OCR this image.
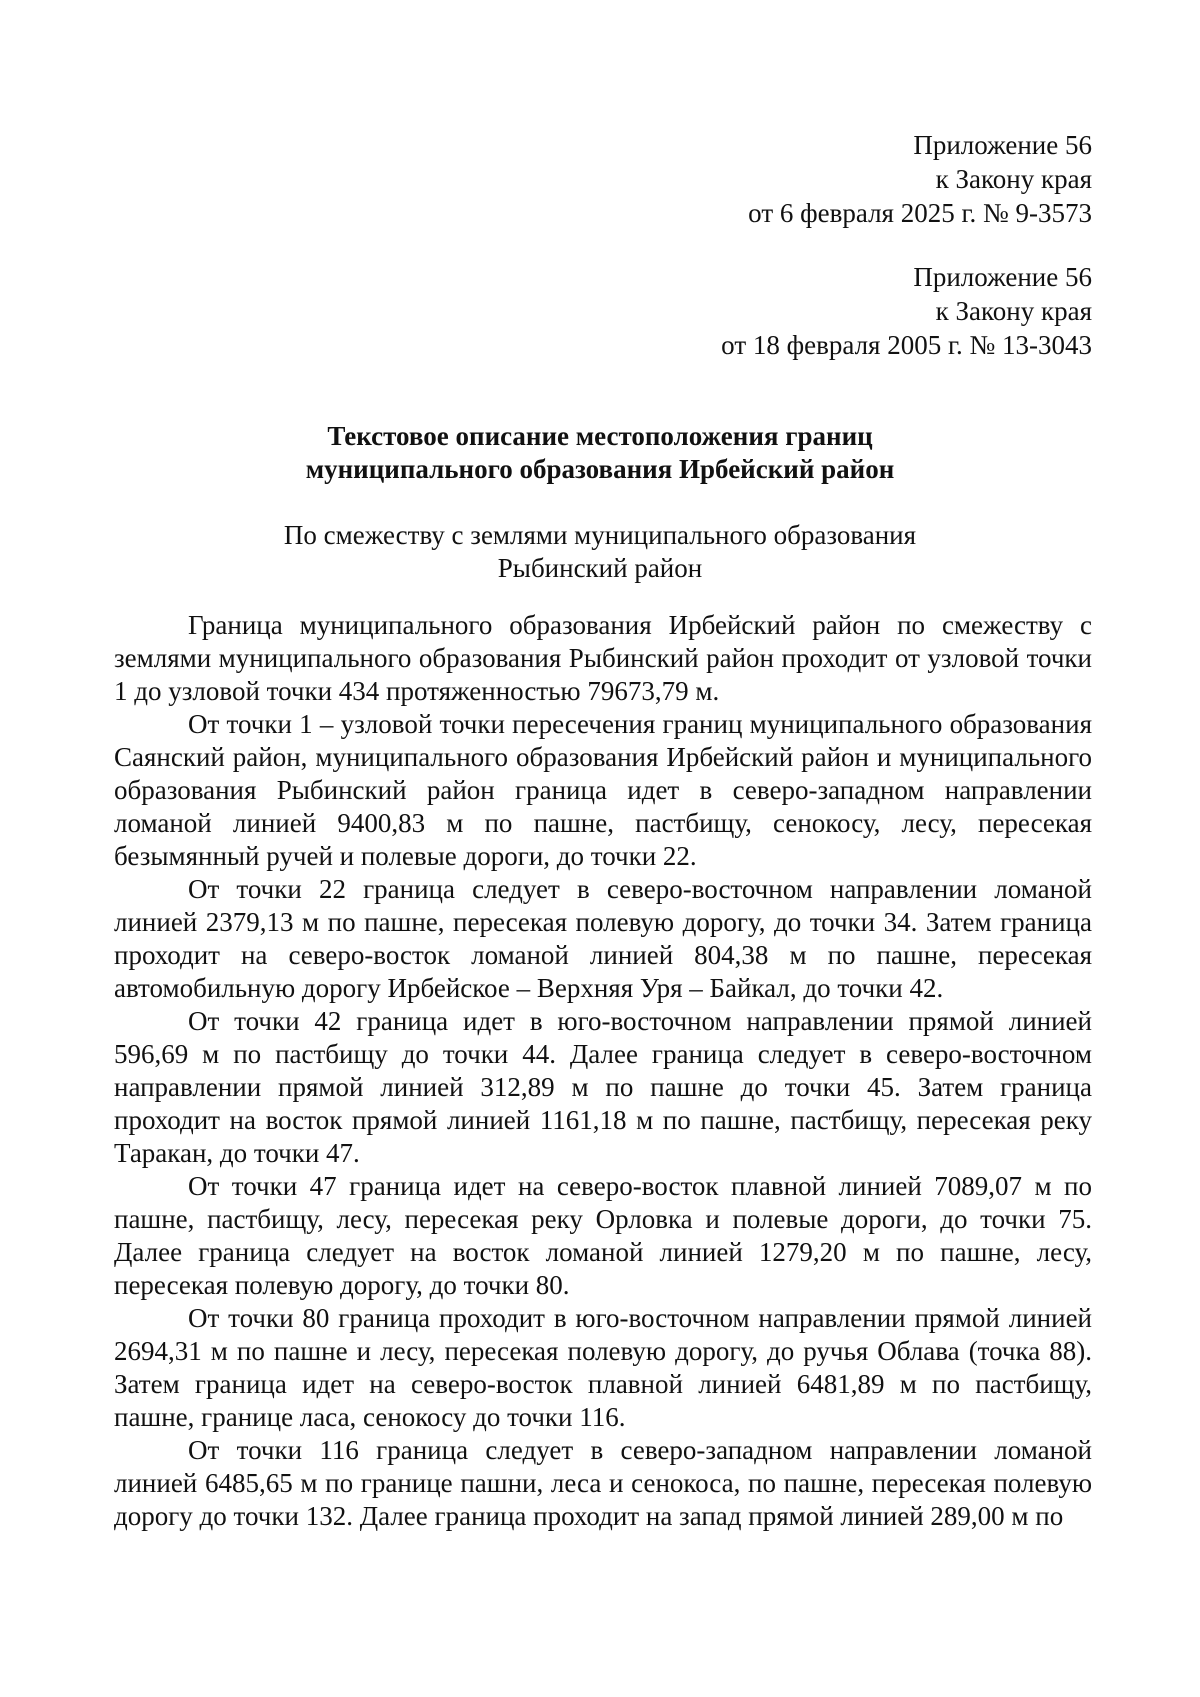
Приложение 56
к Закону края
от 6 февраля 2025 г. № 9-3573
Приложение 56
к Закону края
от 18 февраля 2005 г. № 13-3043
Текстовое описание местоположения границ
муниципального образования Ирбейский район
По смежеству с землями муниципального образования
Рыбинский район

Граница муниципального образования Ирбейский район по смежеству с землями муниципального образования Рыбинский район проходит от узловой точки 1 до узловой точки 434 протяженностью 79673,79 м.

От точки 1 – узловой точки пересечения границ муниципального образования Саянский район, муниципального образования Ирбейский район и муниципального образования Рыбинский район граница идет в северо-западном направлении ломаной линией 9400,83 м по пашне, пастбищу, сенокосу, лесу, пересекая безымянный ручей и полевые дороги, до точки 22.

От точки 22 граница следует в северо-восточном направлении ломаной линией 2379,13 м по пашне, пересекая полевую дорогу, до точки 34. Затем граница проходит на северо-восток ломаной линией 804,38 м по пашне, пересекая автомобильную дорогу Ирбейское – Верхняя Уря – Байкал, до точки 42.

От точки 42 граница идет в юго-восточном направлении прямой линией 596,69 м по пастбищу до точки 44. Далее граница следует в северо-восточном направлении прямой линией 312,89 м по пашне до точки 45. Затем граница проходит на восток прямой линией 1161,18 м по пашне, пастбищу, пересекая реку Таракан, до точки 47.

От точки 47 граница идет на северо-восток плавной линией 7089,07 м по пашне, пастбищу, лесу, пересекая реку Орловка и полевые дороги, до точки 75. Далее граница следует на восток ломаной линией 1279,20 м по пашне, лесу, пересекая полевую дорогу, до точки 80.

От точки 80 граница проходит в юго-восточном направлении прямой линией 2694,31 м по пашне и лесу, пересекая полевую дорогу, до ручья Облава (точка 88). Затем граница идет на северо-восток плавной линией 6481,89 м по пастбищу, пашне, границе ласа, сенокосу до точки 116.

От точки 116 граница следует в северо-западном направлении ломаной линией 6485,65 м по границе пашни, леса и сенокоса, по пашне, пересекая полевую дорогу до точки 132. Далее граница проходит на запад прямой линией 289,00 м по
